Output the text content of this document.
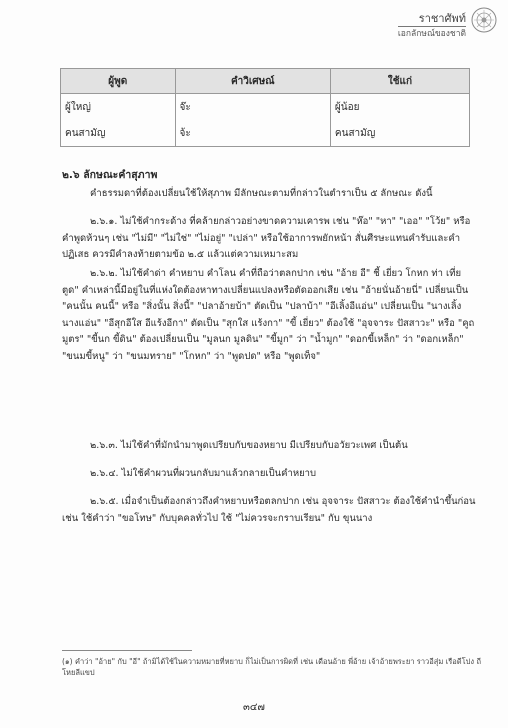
ราชาศัพท์
เอกลักษณ์ของชาติ
ผู้พูด	คำวิเศษณ์	ใช้แก่
ผู้ใหญ่	จ๊ะ	ผู้น้อย
คนสามัญ	จ้ะ	คนสามัญ
๒.๖ ลักษณะคำสุภาพ

คำธรรมดาที่ต้องเปลี่ยนใช้ให้สุภาพ มีลักษณะตามที่กล่าวในตำราเป็น ๕ ลักษณะ ดังนี้

๒.๖.๑. ไม่ใช้คำกระด้าง ที่คล้ายกล่าวอย่างขาดความเคารพ เช่น "ห๊อ" "หา" "เออ" "โว้ย" หรือคำพูดห้วนๆ เช่น "ไม่มี" "ไม่ใช่" "ไม่อยู่" "เปล่า" หรือใช้อาการพยักหน้า สั่นศีรษะแทนคำรับและคำปฏิเสธ ควรมีคำลงท้ายตามข้อ ๒.๕ แล้วแต่ความเหมาะสม

๒.๖.๒. ไม่ใช้คำด่า คำหยาบ คำโลน คำที่ถือว่าตลกปาก เช่น "อ้าย อี" ชี้ เยี่ยว โกหก ท่า เที่ย ตูด" คำเหล่านี้มีอยู่ในที่แห่งใดต้องหาทางเปลี่ยนแปลงหรือตัดออกเสีย เช่น "อ้ายนั่นอ้ายนี่" เปลี่ยนเป็น "คนนั้น คนนี้" หรือ "สิ่งนั้น สิ่งนี้" "ปลาอ้ายบ้า" ตัดเป็น "ปลาบ้า" "อีเลิ้งอีแอ่น" เปลี่ยนเป็น "นางเลิ้ง นางแอ่น" "อีสุกอีใส อีแร้งอีกา" ตัดเป็น "สุกใส แร้งกา" "ขี้ เยี่ยว" ต้องใช้ "อุจจาระ ปัสสาวะ" หรือ "คูถ มูตร" "ขี้นก ขี้ดิน" ต้องเปลี่ยนเป็น "มูลนก มูลดิน" "ขี้มูก" ว่า "น้ำมูก" "ดอกขี้เหล็ก" ว่า "ดอกเหล็ก" "ขนมขี้หนู" ว่า "ขนมทราย" "โกหก" ว่า "พูดปด" หรือ "พูดเท็จ"

๒.๖.๓. ไม่ใช้คำที่มักนำมาพูดเปรียบกับของหยาบ มีเปรียบกับอวัยวะเพศ เป็นต้น

๒.๖.๔. ไม่ใช้คำผวนที่ผวนกลับมาแล้วกลายเป็นคำหยาบ

๒.๖.๕. เมื่อจำเป็นต้องกล่าวถึงคำหยาบหรือตลกปาก เช่น อุจจาระ ปัสสาวะ ต้องใช้คำนำขึ้นก่อน เช่น ใช้คำว่า "ขอโทษ" กับบุคคลทั่วไป ใช้ "ไม่ควรจะกราบเรียน" กับ ขุนนาง

(๑) คำว่า "อ้าย" กับ "อี" ถ้ามิได้ใช้ในความหมายที่หยาบ ก็ไม่เป็นการผิดที่ เช่น เดือนอ้าย พี่อ้าย เจ้าอ้ายพระยา ราวอีสุ่ม เรือดีโปง ถีโหยลีแขป
๓๔๗
